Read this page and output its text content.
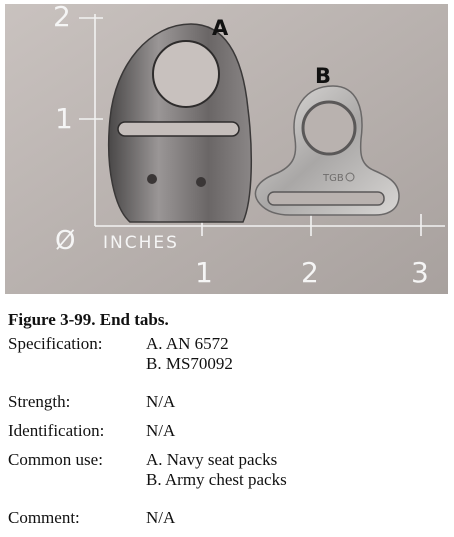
2
1
Ø INCHES
1	2	3
TGB
A
B
Figure 3-99. End tabs.
Specification:	A. AN 6572
B. MS70092
Strength:	N/A
Identification:	N/A
Common use:	A. Navy seat packs
B. Army chest packs
Comment:	N/A
